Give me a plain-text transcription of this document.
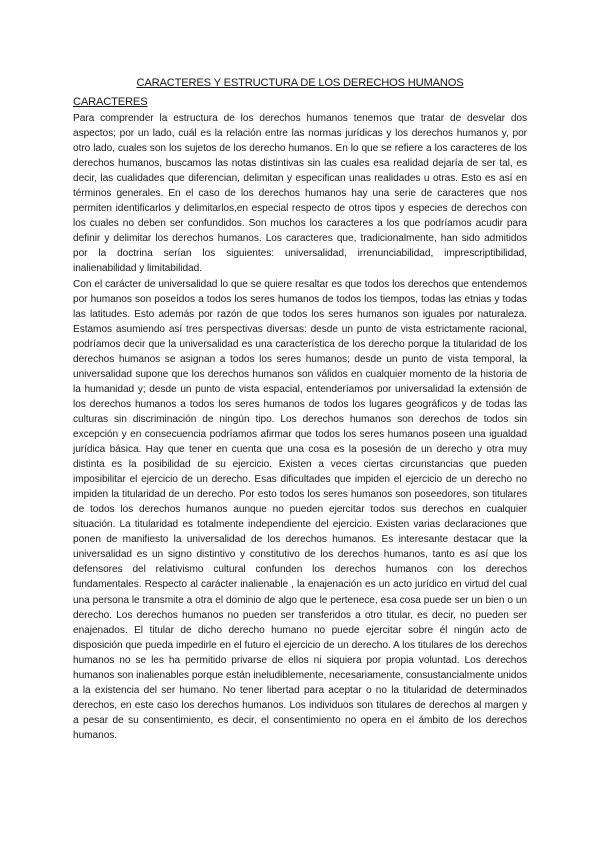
CARACTERES Y ESTRUCTURA DE LOS DERECHOS HUMANOS
CARACTERES

Para comprender la estructura de los derechos humanos tenemos que tratar de desvelar dos aspectos; por un lado, cuál es la relación entre las normas jurídicas y los derechos humanos y, por otro lado, cuales son los sujetos de los derecho humanos. En lo que se refiere a los caracteres de los derechos humanos, buscamos las notas distintivas sin las cuales esa realidad dejaría de ser tal, es decir, las cualidades que diferencian, delimitan y especifican unas realidades u otras. Esto es así en términos generales. En el caso de los derechos humanos hay una serie de caracteres que nos permiten identificarlos y delimitarlos,en especial respecto de otros tipos y especies de derechos con los cuales no deben ser confundidos. Son muchos los caracteres a los que podríamos acudir para definir y delimitar los derechos humanos. Los caracteres que, tradicionalmente, han sido admitidos por la doctrina serían los siguientes: universalidad, irrenunciabilidad, imprescriptibilidad, inalienabilidad y limitabilidad.

Con el carácter de universalidad lo que se quiere resaltar es que todos los derechos que entendemos por humanos son poseídos a todos los seres humanos de todos los tiempos, todas las etnias y todas las latitudes. Esto además por razón de que todos los seres humanos son iguales por naturaleza. Estamos asumiendo así tres perspectivas diversas: desde un punto de vista estrictamente racional, podríamos decir que la universalidad es una característica de los derecho porque la titularidad de los derechos humanos se asignan a todos los seres humanos; desde un punto de vista temporal, la universalidad supone que los derechos humanos son válidos en cualquier momento de la historia de la humanidad y; desde un punto de vista espacial, entenderíamos por universalidad la extensión de los derechos humanos a todos los seres humanos de todos los lugares geográficos y de todas las culturas sin discriminación de ningún tipo. Los derechos humanos son derechos de todos sin excepción y en consecuencia podríamos afirmar que todos los seres humanos poseen una igualdad jurídica básica. Hay que tener en cuenta que una cosa es la posesión de un derecho y otra muy distinta es la posibilidad de su ejercicio. Existen a veces ciertas circunstancias que pueden imposibilitar el ejercicio de un derecho. Esas dificultades que impiden el ejercicio de un derecho no impiden la titularidad de un derecho. Por esto todos los seres humanos son poseedores, son titulares de todos los derechos humanos aunque no pueden ejercitar todos sus derechos en cualquier situación. La titularidad es totalmente independiente del ejercicio. Existen varias declaraciones que ponen de manifiesto la universalidad de los derechos humanos. Es interesante destacar que la universalidad es un signo distintivo y constitutivo de los derechos humanos, tanto es así que los defensores del relativismo cultural confunden los derechos humanos con los derechos fundamentales. Respecto al carácter inalienable , la enajenación es un acto jurídico en virtud del cual una persona le transmite a otra el dominio de algo que le pertenece, esa cosa puede ser un bien o un derecho. Los derechos humanos no pueden ser transferidos a otro titular, es decir, no pueden ser enajenados. El titular de dicho derecho humano no puede ejercitar sobre él ningún acto de disposición que pueda impedirle en el futuro el ejercicio de un derecho. A los titulares de los derechos humanos no se les ha permitido privarse de ellos ni siquiera por propia voluntad. Los derechos humanos son inalienables porque están ineludiblemente, necesariamente, consustancialmente unidos a la existencia del ser humano. No tener libertad para aceptar o no la titularidad de determinados derechos, en este caso los derechos humanos. Los individuos son titulares de derechos al margen y a pesar de su consentimiento, es decir, el consentimiento no opera en el ámbito de los derechos humanos.
